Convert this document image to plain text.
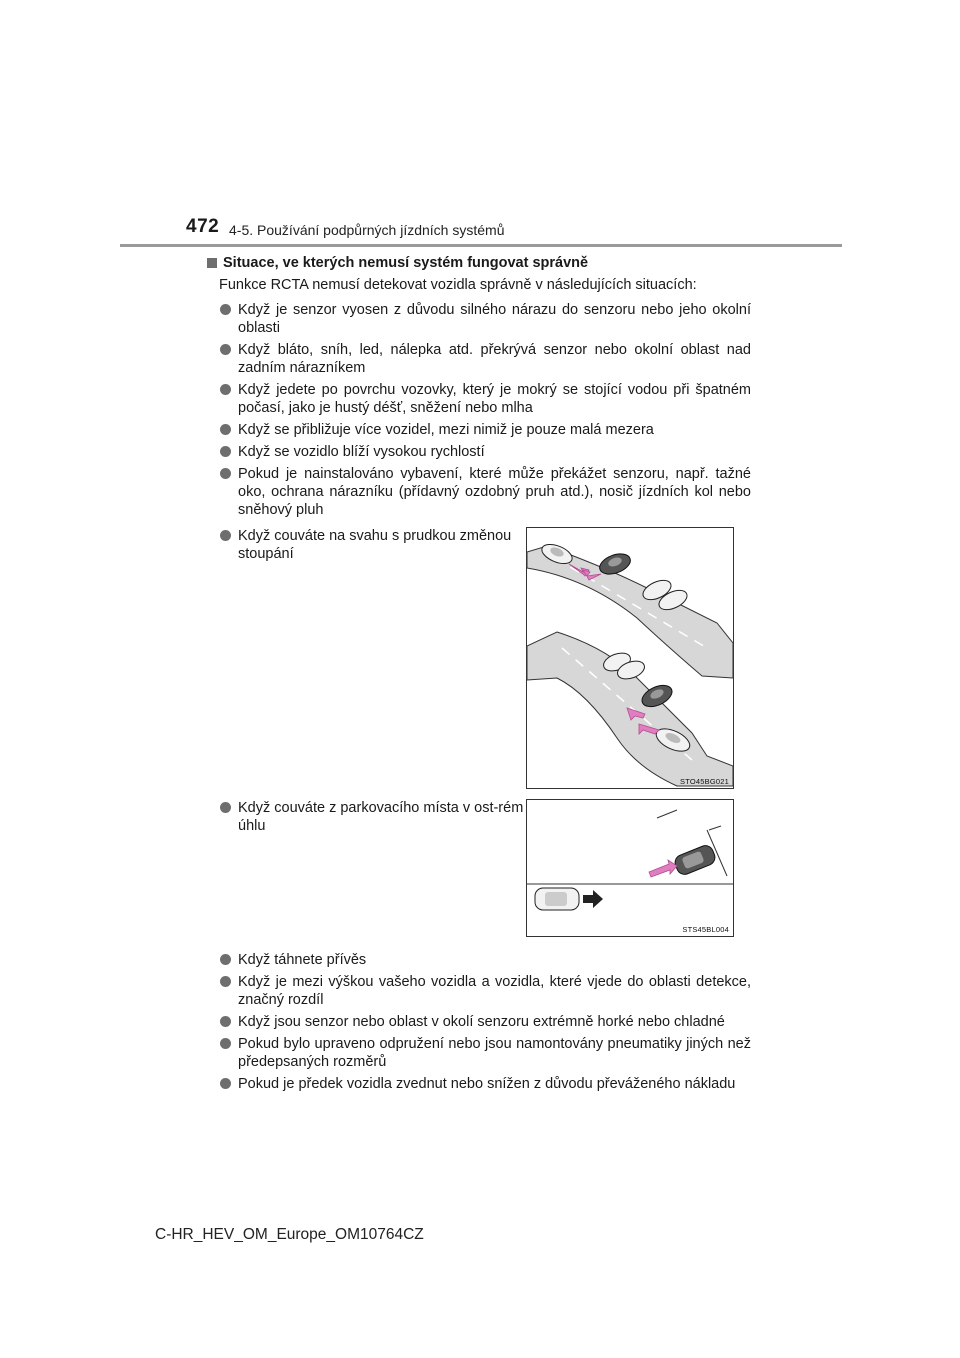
472 4-5. Používání podpůrných jízdních systémů
Situace, ve kterých nemusí systém fungovat správně
Funkce RCTA nemusí detekovat vozidla správně v následujících situacích:
Když je senzor vyosen z důvodu silného nárazu do senzoru nebo jeho okolní oblasti
Když bláto, sníh, led, nálepka atd. překrývá senzor nebo okolní oblast nad zadním nárazníkem
Když jedete po povrchu vozovky, který je mokrý se stojící vodou při špatném počasí, jako je hustý déšť, sněžení nebo mlha
Když se přibližuje více vozidel, mezi nimiž je pouze malá mezera
Když se vozidlo blíží vysokou rychlostí
Pokud je nainstalováno vybavení, které může překážet senzoru, např. tažné oko, ochrana nárazníku (přídavný ozdobný pruh atd.), nosič jízdních kol nebo sněhový pluh
Když couváte na svahu s prudkou změnou stoupání
STO45BG021
Když couváte z parkovacího místa v ost-rém úhlu
STS45BL004
Když táhnete přívěs
Když je mezi výškou vašeho vozidla a vozidla, které vjede do oblasti detekce, značný rozdíl
Když jsou senzor nebo oblast v okolí senzoru extrémně horké nebo chladné
Pokud bylo upraveno odpružení nebo jsou namontovány pneumatiky jiných než předepsaných rozměrů
Pokud je předek vozidla zvednut nebo snížen z důvodu převáženého nákladu
C-HR_HEV_OM_Europe_OM10764CZ
